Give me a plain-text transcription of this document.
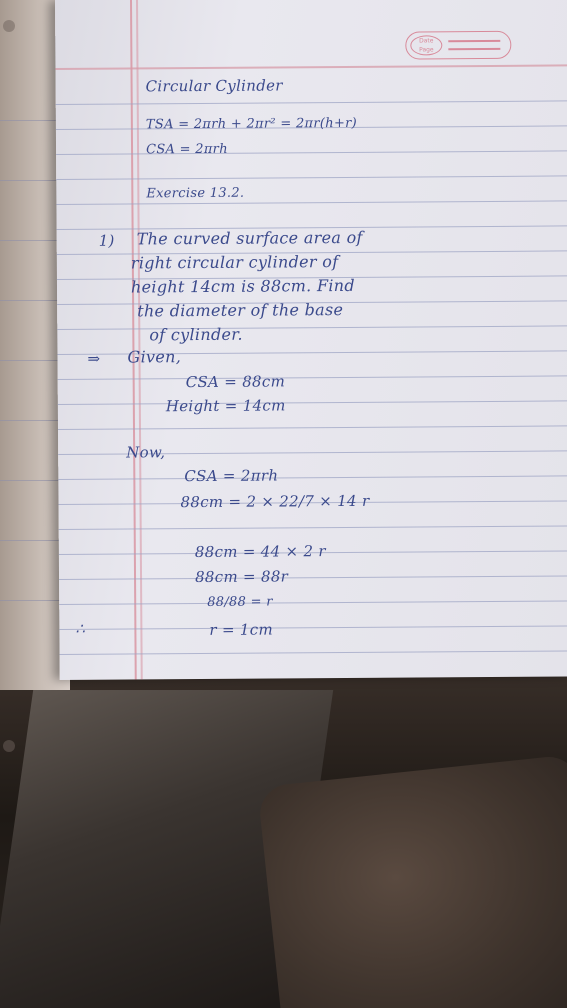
Date Page
Circular Cylinder
TSA = 2πrh + 2πr² = 2πr(h+r)
CSA = 2πrh
Exercise 13.2.
1) The curved surface area of
right circular cylinder of
height 14cm is 88cm. Find
the diameter of the base
of cylinder.
⇒ Given,
CSA = 88cm
Height = 14cm
Now,
CSA = 2πrh
88cm = 2 × 22/7 × 14 r
88cm = 44 × 2 r
88cm = 88r
88/88 = r
∴	r = 1cm
